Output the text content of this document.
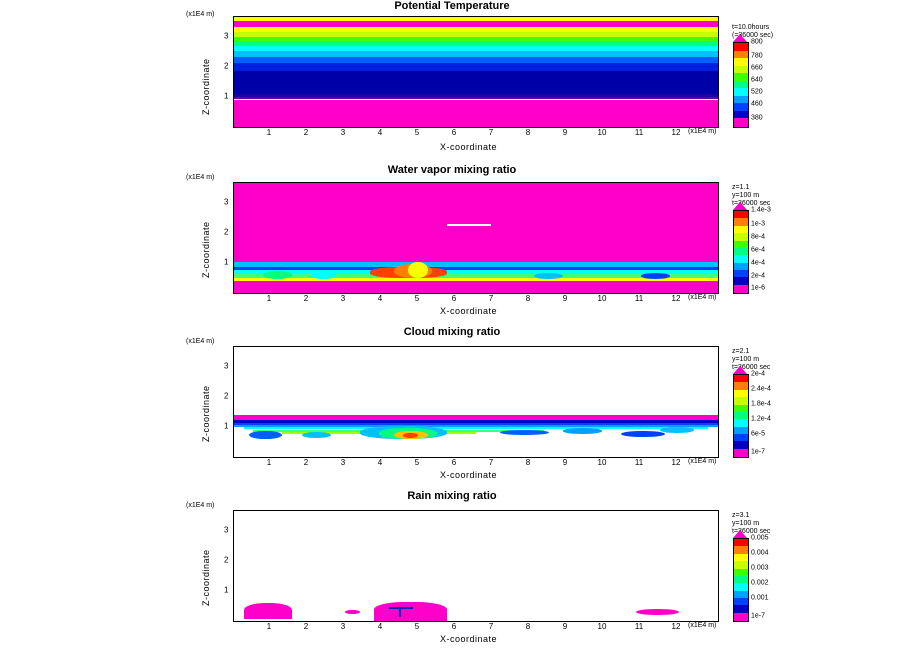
Potential Temperature
(x1E4 m)
Z-coordinate
1	2	3	4	5	6	7	8	9	10	11	12
1
2
3
(x1E4 m)
X-coordinate
t=10.0hours
(=36000 sec)
800
780
660
640
520
460
380
Water vapor mixing ratio
(x1E4 m)
Z-coordinate
1	2	3	4	5	6	7	8	9	10	11	12
1
2
3
(x1E4 m)
X-coordinate
z=1.1
y=100 m
t=36000 sec
1.4e-3
1e-3
8e-4
6e-4
4e-4
2e-4
1e-6
Cloud mixing ratio
(x1E4 m)
Z-coordinate
1	2	3	4	5	6	7	8	9	10	11	12
1
2
3
(x1E4 m)
X-coordinate
z=2.1
y=100 m
t=36000 sec
2e-4
2.4e-4
1.8e-4
1.2e-4
6e-5
1e-7
Rain mixing ratio
(x1E4 m)
Z-coordinate
1	2	3	4	5	6	7	8	9	10	11	12
1
2
3
(x1E4 m)
X-coordinate
z=3.1
y=100 m
t=36000 sec
0.005
0.004
0.003
0.002
0.001
1e-7
